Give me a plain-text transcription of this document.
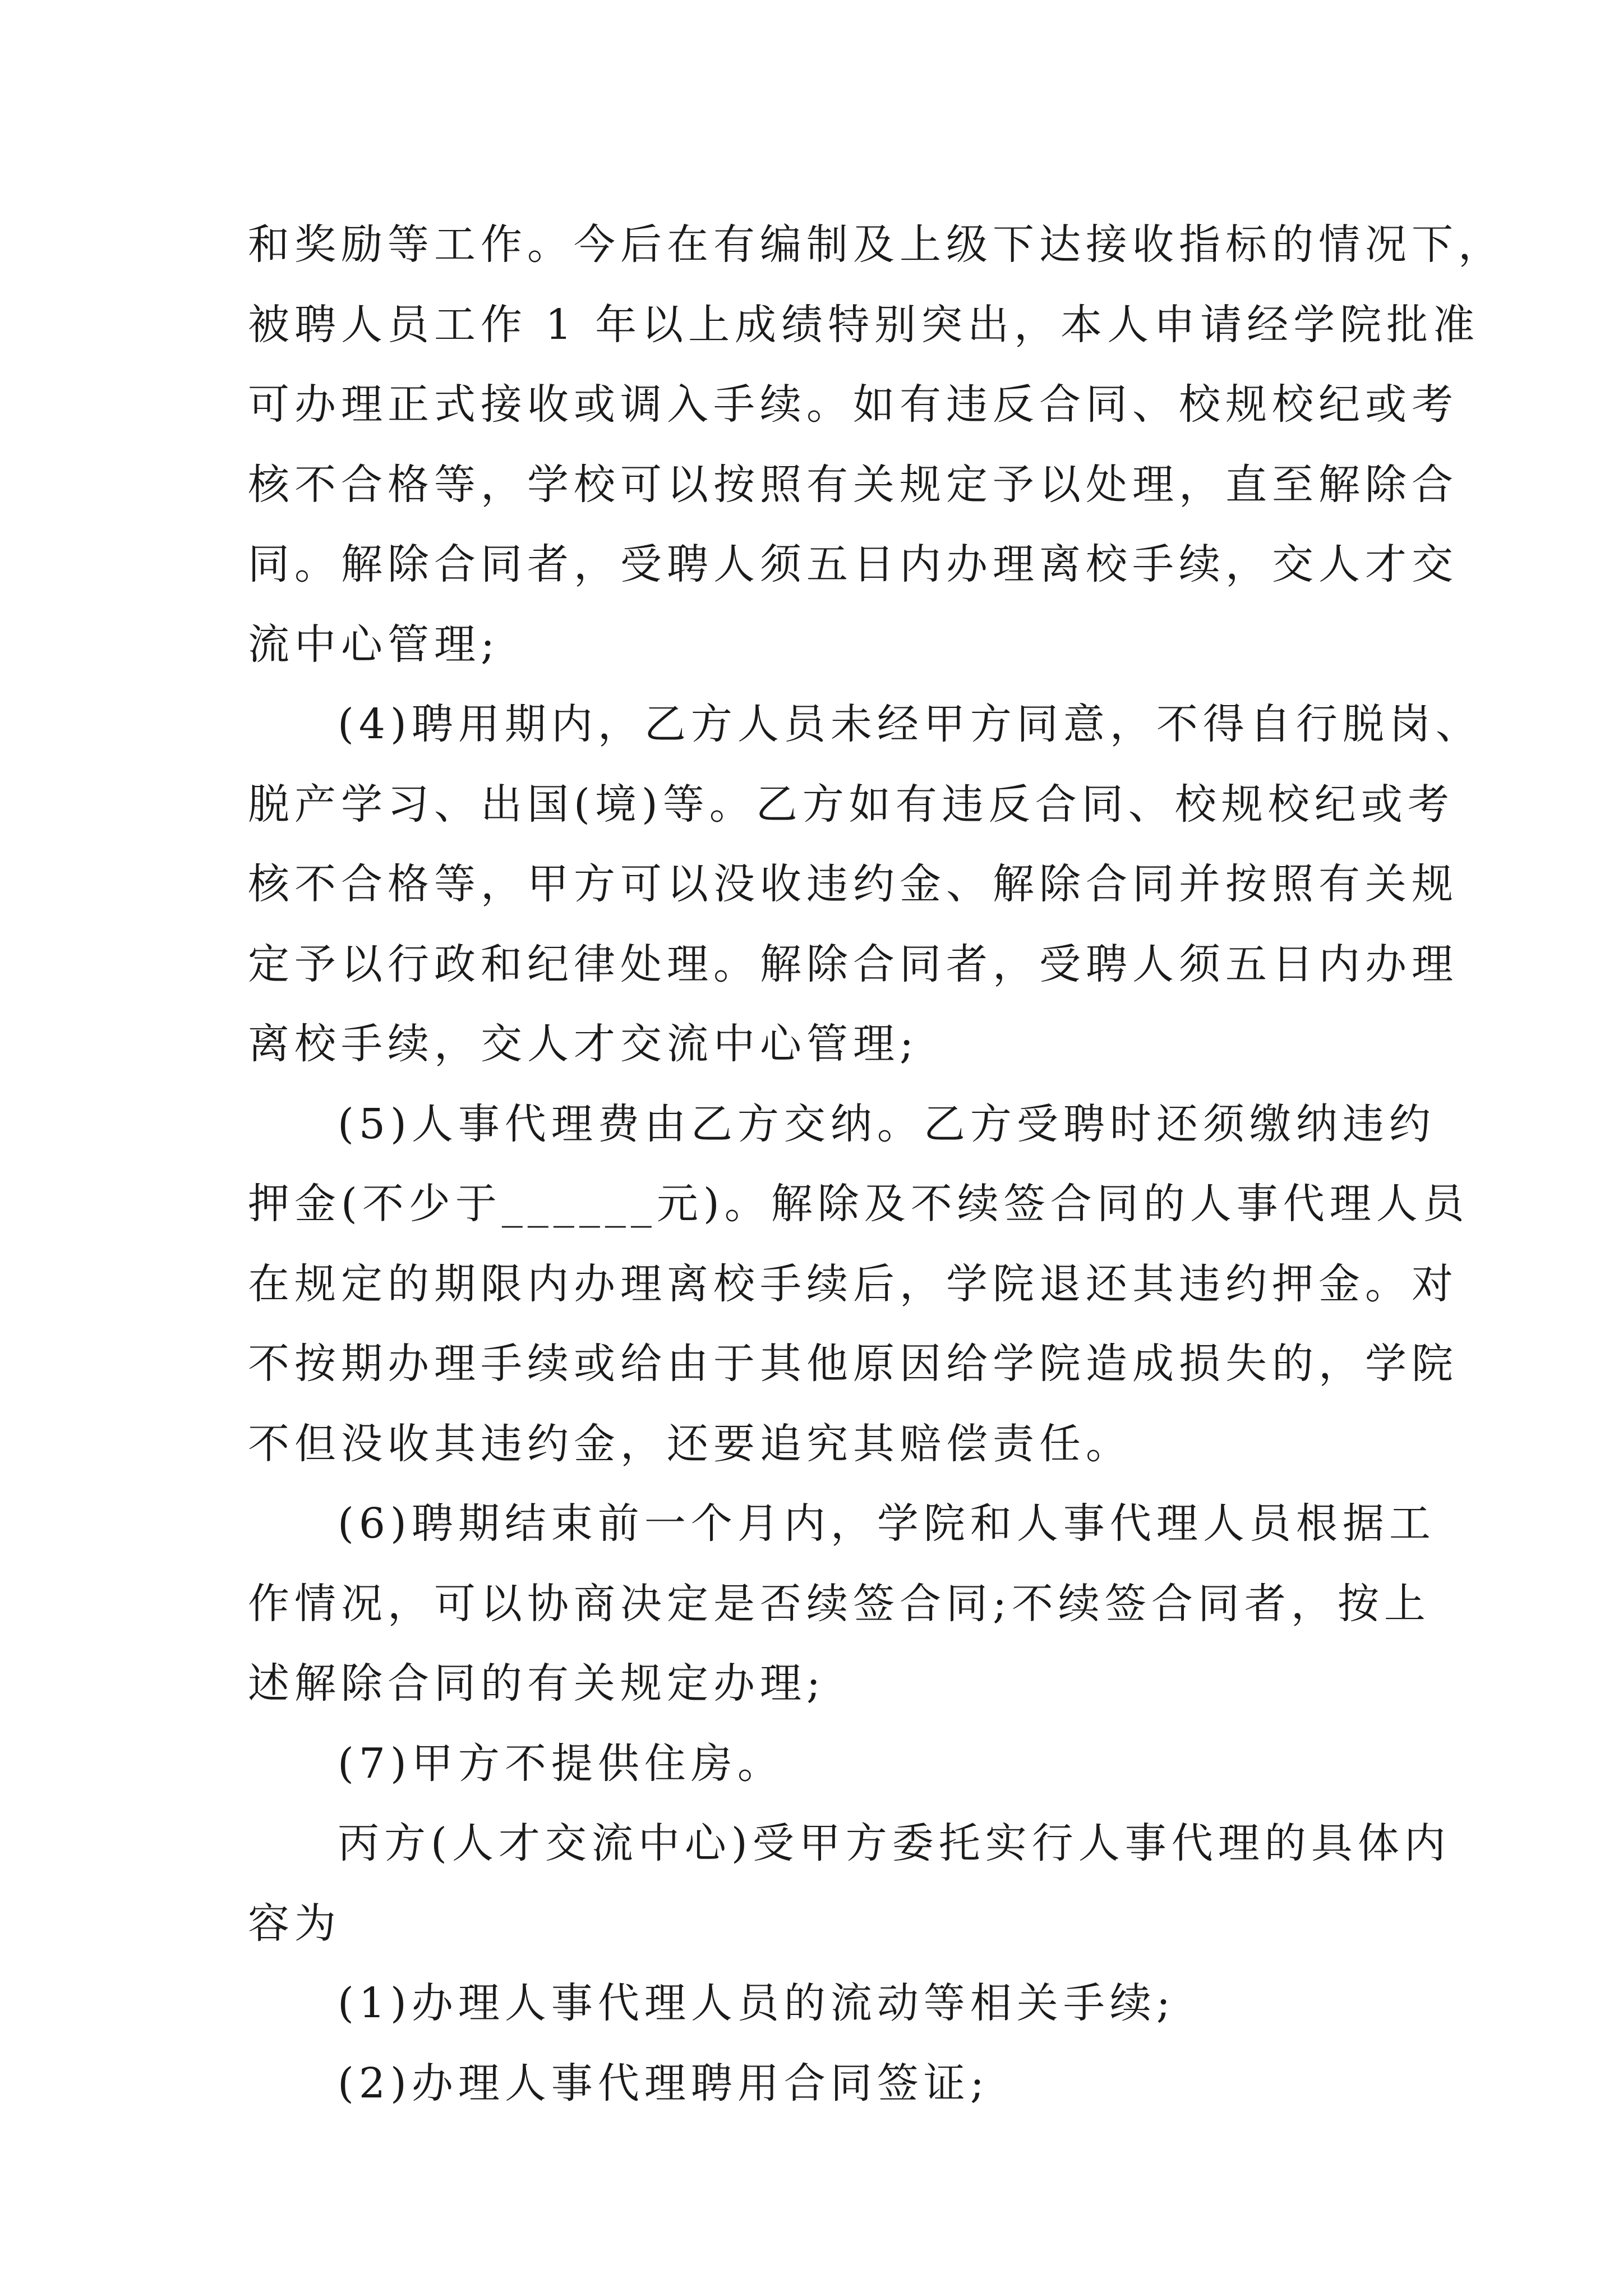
和奖励等工作。今后在有编制及上级下达接收指标的情况下，
被聘人员工作 1 年以上成绩特别突出，本人申请经学院批准
可办理正式接收或调入手续。如有违反合同、校规校纪或考
核不合格等，学校可以按照有关规定予以处理，直至解除合
同。解除合同者，受聘人须五日内办理离校手续，交人才交
流中心管理;
(4)聘用期内，乙方人员未经甲方同意，不得自行脱岗、
脱产学习、出国(境)等。乙方如有违反合同、校规校纪或考
核不合格等，甲方可以没收违约金、解除合同并按照有关规
定予以行政和纪律处理。解除合同者，受聘人须五日内办理
离校手续，交人才交流中心管理;
(5)人事代理费由乙方交纳。乙方受聘时还须缴纳违约
押金(不少于______元)。解除及不续签合同的人事代理人员
在规定的期限内办理离校手续后，学院退还其违约押金。对
不按期办理手续或给由于其他原因给学院造成损失的，学院
不但没收其违约金，还要追究其赔偿责任。
(6)聘期结束前一个月内，学院和人事代理人员根据工
作情况，可以协商决定是否续签合同;不续签合同者，按上
述解除合同的有关规定办理;
(7)甲方不提供住房。
丙方(人才交流中心)受甲方委托实行人事代理的具体内
容为
(1)办理人事代理人员的流动等相关手续;
(2)办理人事代理聘用合同签证;
